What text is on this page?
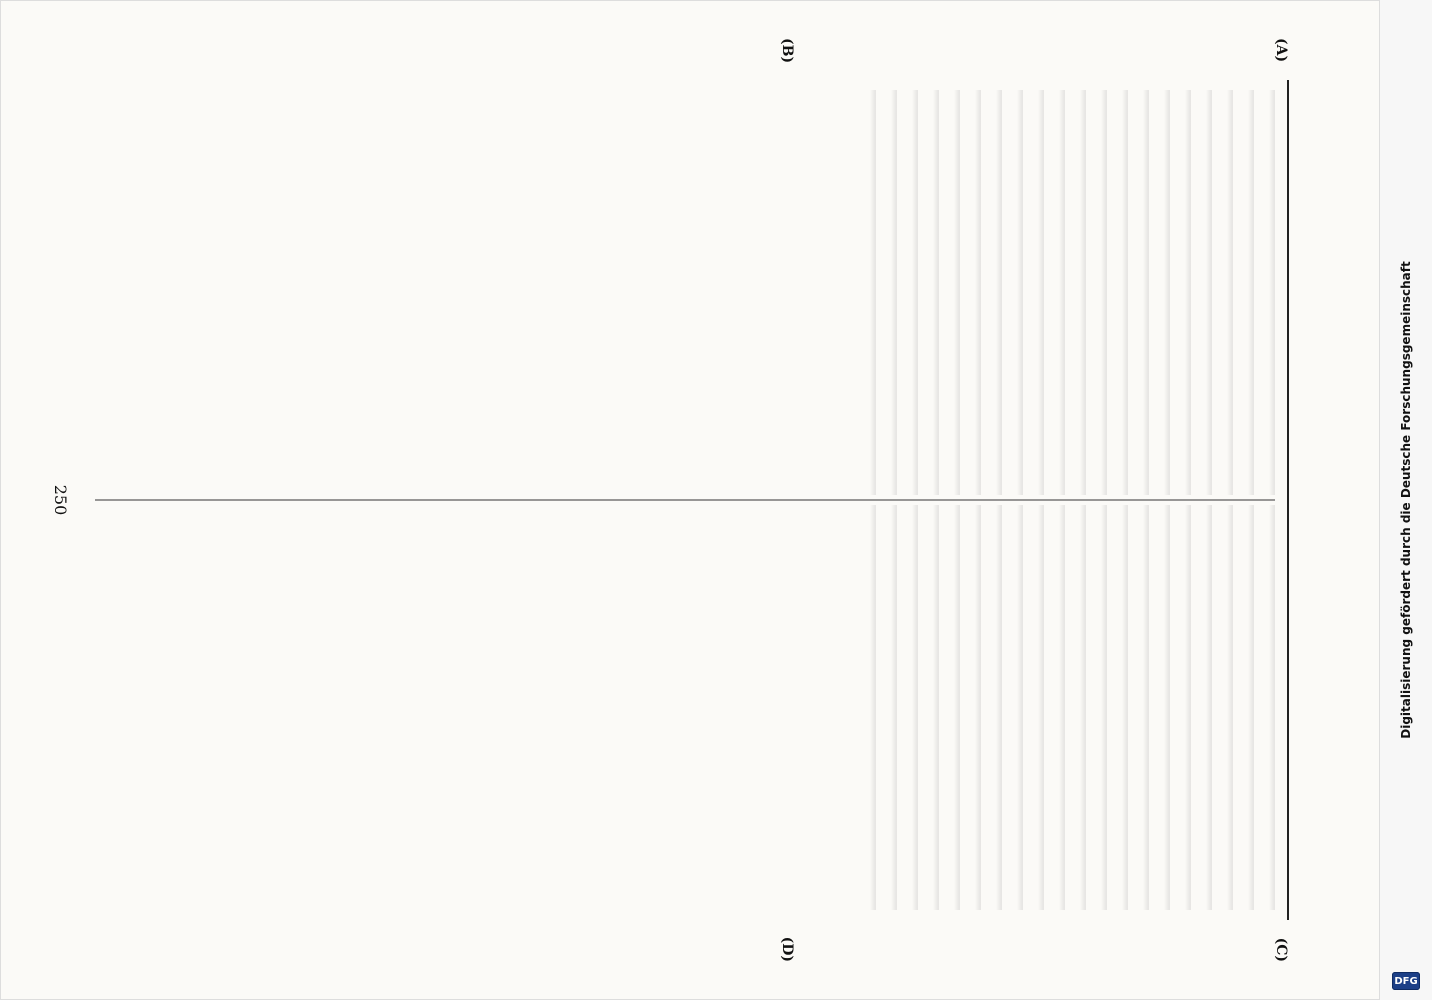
(A)
(B)
(C)
(D)

250	Digitalisierung gefördert durch die Deutsche Forschungsgemeinschaft
DFG
